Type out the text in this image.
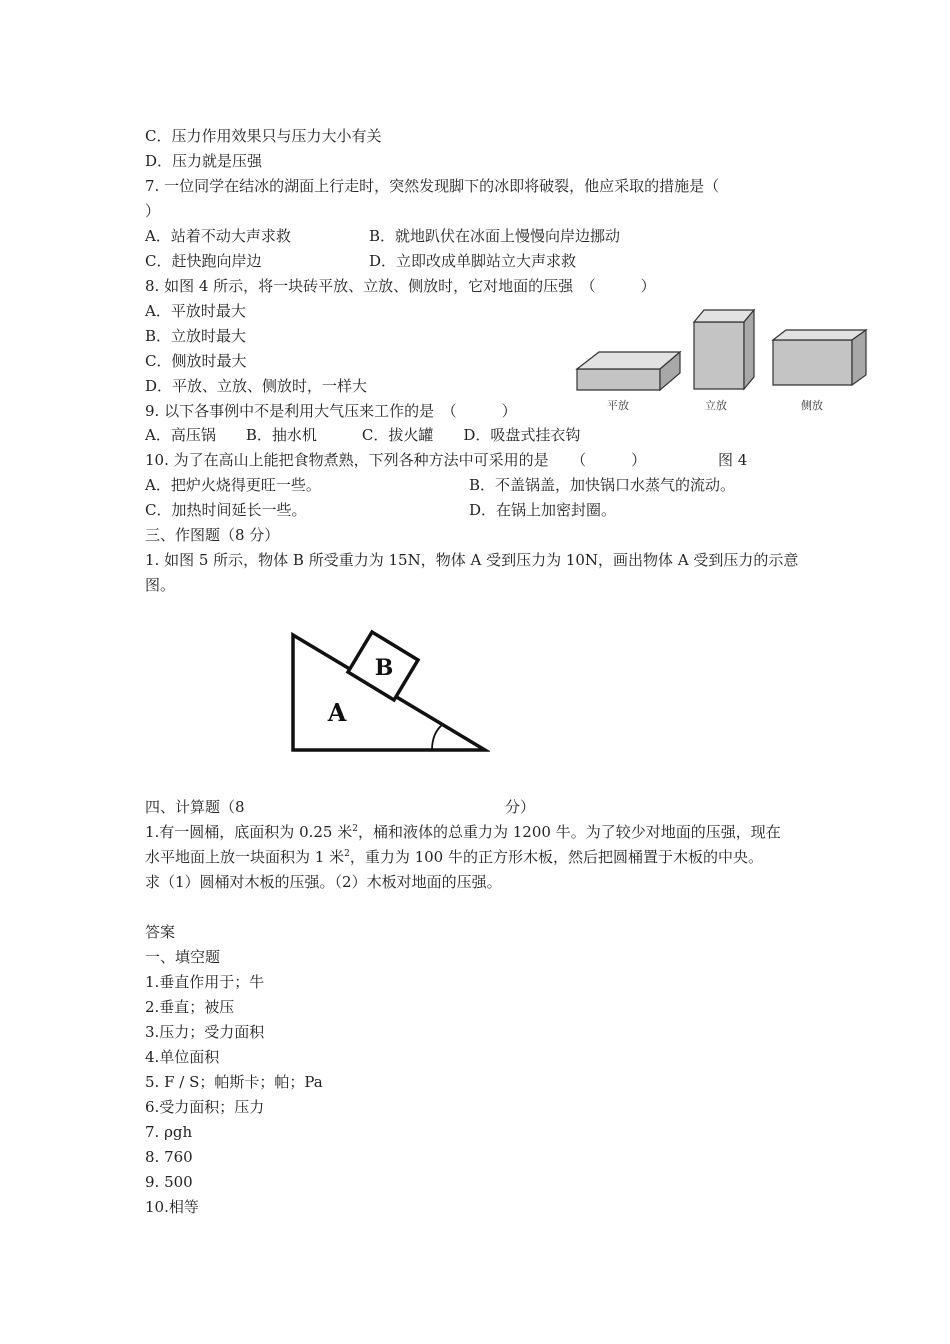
C．压力作用效果只与压力大小有关
D．压力就是压强
7. 一位同学在结冰的湖面上行走时，突然发现脚下的冰即将破裂，他应采取的措施是（
）
A．站着不动大声求救	B．就地趴伏在冰面上慢慢向岸边挪动
C．赶快跑向岸边	D．立即改成单脚站立大声求救
8. 如图 4 所示，将一块砖平放、立放、侧放时，它对地面的压强　（　　　）
A．平放时最大
B．立放时最大
C．侧放时最大
D．平放、立放、侧放时，一样大
平放	立放	侧放
9. 以下各事例中不是利用大气压来工作的是　（　　　）
A．高压锅　　B．抽水机　　　C．拔火罐　　D．吸盘式挂衣钩
10. 为了在高山上能把食物煮熟，下列各种方法中可采用的是　　（　　　）	图 4
A．把炉火烧得更旺一些。	B．不盖锅盖，加快锅口水蒸气的流动。
C．加热时间延长一些。	D．在锅上加密封圈。
三、作图题（8 分）
1. 如图 5 所示，物体 B 所受重力为 15N，物体 A 受到压力为 10N，画出物体 A 受到压力的示意
图。
A
B
四、计算题（8	分）
1.有一圆桶，底面积为 0.25 米$^2$，桶和液体的总重力为 1200 牛。为了较少对地面的压强，现在
水平地面上放一块面积为 1 米$^2$，重力为 100 牛的正方形木板，然后把圆桶置于木板的中央。
求（1）圆桶对木板的压强。（2）木板对地面的压强。
答案
一、填空题
1.垂直作用于；牛
2.垂直；被压
3.压力；受力面积
4.单位面积
5. F / S；帕斯卡；帕；Pa
6.受力面积；压力
7. ρgh
8. 760
9. 500
10.相等
